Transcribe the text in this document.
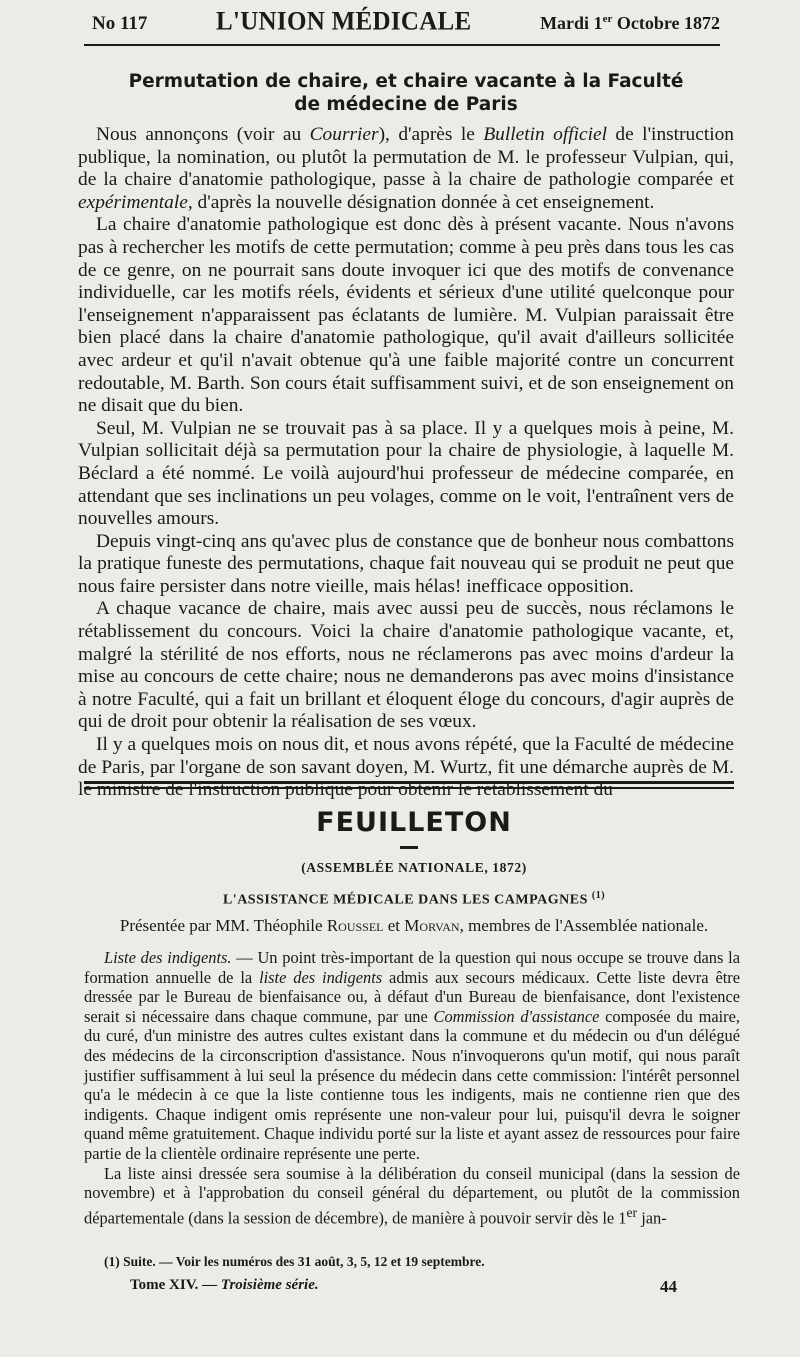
No 117	L'UNION MÉDICALE	Mardi 1er Octobre 1872
Permutation de chaire, et chaire vacante à la Faculté
de médecine de Paris

Nous annonçons (voir au Courrier), d'après le Bulletin officiel de l'instruction publique, la nomination, ou plutôt la permutation de M. le professeur Vulpian, qui, de la chaire d'anatomie pathologique, passe à la chaire de pathologie comparée et expérimentale, d'après la nouvelle désignation donnée à cet enseignement.

La chaire d'anatomie pathologique est donc dès à présent vacante. Nous n'avons pas à rechercher les motifs de cette permutation; comme à peu près dans tous les cas de ce genre, on ne pourrait sans doute invoquer ici que des motifs de convenance individuelle, car les motifs réels, évidents et sérieux d'une utilité quelconque pour l'enseignement n'apparaissent pas éclatants de lumière. M. Vulpian paraissait être bien placé dans la chaire d'anatomie pathologique, qu'il avait d'ailleurs sollicitée avec ardeur et qu'il n'avait obtenue qu'à une faible majorité contre un concurrent redoutable, M. Barth. Son cours était suffisamment suivi, et de son enseignement on ne disait que du bien.

Seul, M. Vulpian ne se trouvait pas à sa place. Il y a quelques mois à peine, M. Vulpian sollicitait déjà sa permutation pour la chaire de physiologie, à laquelle M. Béclard a été nommé. Le voilà aujourd'hui professeur de médecine comparée, en attendant que ses inclinations un peu volages, comme on le voit, l'entraînent vers de nouvelles amours.

Depuis vingt-cinq ans qu'avec plus de constance que de bonheur nous combattons la pratique funeste des permutations, chaque fait nouveau qui se produit ne peut que nous faire persister dans notre vieille, mais hélas! inefficace opposition.

A chaque vacance de chaire, mais avec aussi peu de succès, nous réclamons le rétablissement du concours. Voici la chaire d'anatomie pathologique vacante, et, malgré la stérilité de nos efforts, nous ne réclamerons pas avec moins d'ardeur la mise au concours de cette chaire; nous ne demanderons pas avec moins d'insistance à notre Faculté, qui a fait un brillant et éloquent éloge du concours, d'agir auprès de qui de droit pour obtenir la réalisation de ses vœux.

Il y a quelques mois on nous dit, et nous avons répété, que la Faculté de médecine de Paris, par l'organe de son savant doyen, M. Wurtz, fit une démarche auprès de M. le ministre de l'instruction publique pour obtenir le rétablissement du

FEUILLETON
(ASSEMBLÉE NATIONALE, 1872)
L'ASSISTANCE MÉDICALE DANS LES CAMPAGNES $^{(1)}$
Présentée par MM. Théophile Roussel et Morvan, membres de l'Assemblée nationale.

Liste des indigents. — Un point très-important de la question qui nous occupe se trouve dans la formation annuelle de la liste des indigents admis aux secours médicaux. Cette liste devra être dressée par le Bureau de bienfaisance ou, à défaut d'un Bureau de bienfaisance, dont l'existence serait si nécessaire dans chaque commune, par une Commission d'assistance composée du maire, du curé, d'un ministre des autres cultes existant dans la commune et du médecin ou d'un délégué des médecins de la circonscription d'assistance. Nous n'invoquerons qu'un motif, qui nous paraît justifier suffisamment à lui seul la présence du médecin dans cette commission: l'intérêt personnel qu'a le médecin à ce que la liste contienne tous les indigents, mais ne contienne rien que des indigents. Chaque indigent omis représente une non-valeur pour lui, puisqu'il devra le soigner quand même gratuitement. Chaque individu porté sur la liste et ayant assez de ressources pour faire partie de la clientèle ordinaire représente une perte.

La liste ainsi dressée sera soumise à la délibération du conseil municipal (dans la session de novembre) et à l'approbation du conseil général du département, ou plutôt de la commission départementale (dans la session de décembre), de manière à pouvoir servir dès le 1er jan-

(1) Suite. — Voir les numéros des 31 août, 3, 5, 12 et 19 septembre.
Tome XIV. — Troisième série.	44
